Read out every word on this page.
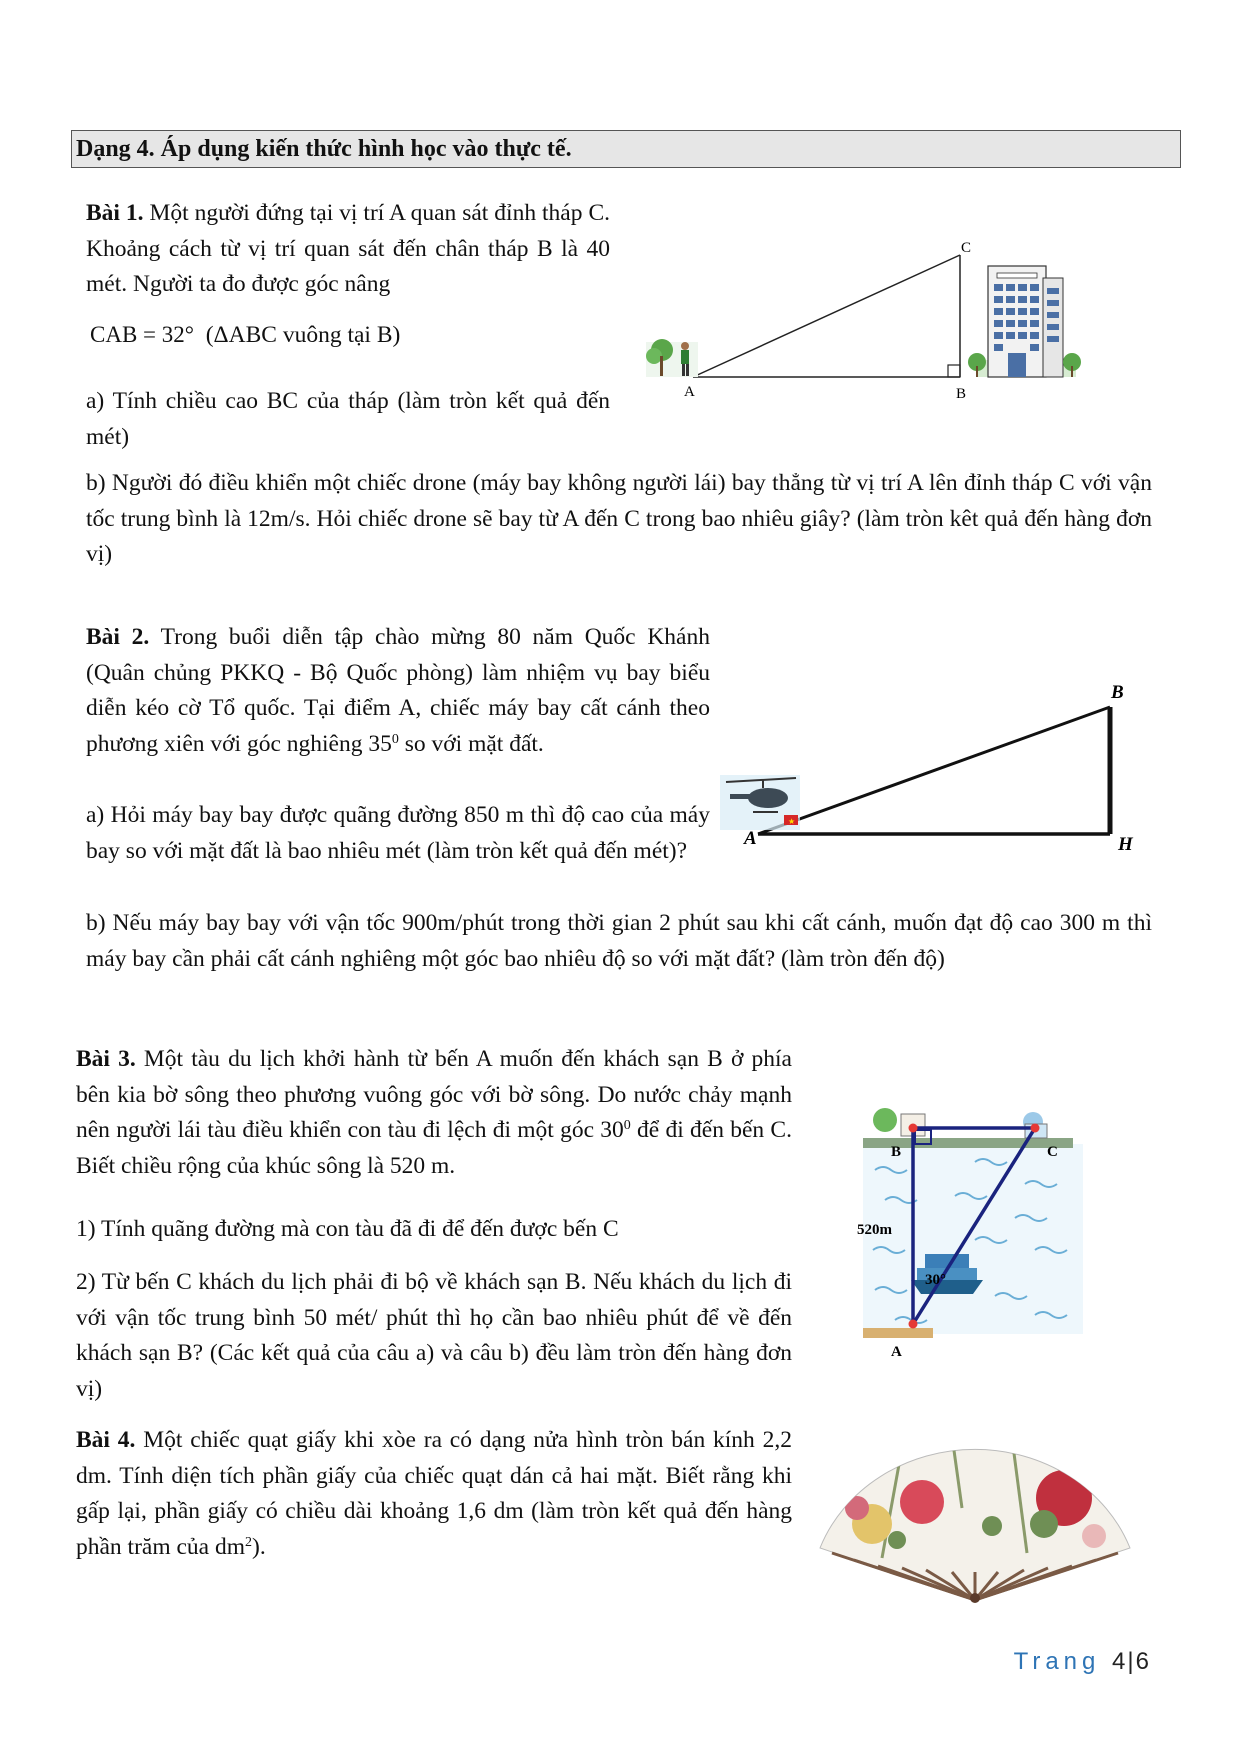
Dạng 4. Áp dụng kiến thức hình học vào thực tế.
Bài 1. Một người đứng tại vị trí A quan sát đỉnh tháp C. Khoảng cách từ vị trí quan sát đến chân tháp B là 40 mét. Người ta đo được góc nâng
CAB = 32° (ΔABC vuông tại B)
a) Tính chiều cao BC của tháp (làm tròn kết quả đến mét)
b) Người đó điều khiển một chiếc drone (máy bay không người lái) bay thẳng từ vị trí A lên đỉnh tháp C với vận tốc trung bình là 12m/s. Hỏi chiếc drone sẽ bay từ A đến C trong bao nhiêu giây? (làm tròn kêt quả đến hàng đơn vị)
A	B
C
Bài 2. Trong buổi diễn tập chào mừng 80 năm Quốc Khánh (Quân chủng PKKQ - Bộ Quốc phòng) làm nhiệm vụ bay biểu diễn kéo cờ Tổ quốc. Tại điểm A, chiếc máy bay cất cánh theo phương xiên với góc nghiêng $35^0$ so với mặt đất.
a) Hỏi máy bay bay được quãng đường 850 m thì độ cao của máy bay so với mặt đất là bao nhiêu mét (làm tròn kết quả đến mét)?
b) Nếu máy bay bay với vận tốc 900m/phút trong thời gian 2 phút sau khi cất cánh, muốn đạt độ cao 300 m thì máy bay cần phải cất cánh nghiêng một góc bao nhiêu độ so với mặt đất? (làm tròn đến độ)
★
A
B
H
Bài 3. Một tàu du lịch khởi hành từ bến A muốn đến khách sạn B ở phía bên kia bờ sông theo phương vuông góc với bờ sông. Do nước chảy mạnh nên người lái tàu điều khiển con tàu đi lệch đi một góc $30^0$ để đi đến bến C. Biết chiều rộng của khúc sông là 520 m.
1) Tính quãng đường mà con tàu đã đi để đến được bến C
2) Từ bến C khách du lịch phải đi bộ về khách sạn B. Nếu khách du lịch đi với vận tốc trung bình 50 mét/ phút thì họ cần bao nhiêu phút để về đến khách sạn B? (Các kết quả của câu a) và câu b) đều làm tròn đến hàng đơn vị)
B	C
A
520m
30°
Bài 4. Một chiếc quạt giấy khi xòe ra có dạng nửa hình tròn bán kính 2,2 dm. Tính diện tích phần giấy của chiếc quạt dán cả hai mặt. Biết rằng khi gấp lại, phần giấy có chiều dài khoảng 1,6 dm (làm tròn kết quả đến hàng phần trăm của $dm^2$).
Trang 4|6
